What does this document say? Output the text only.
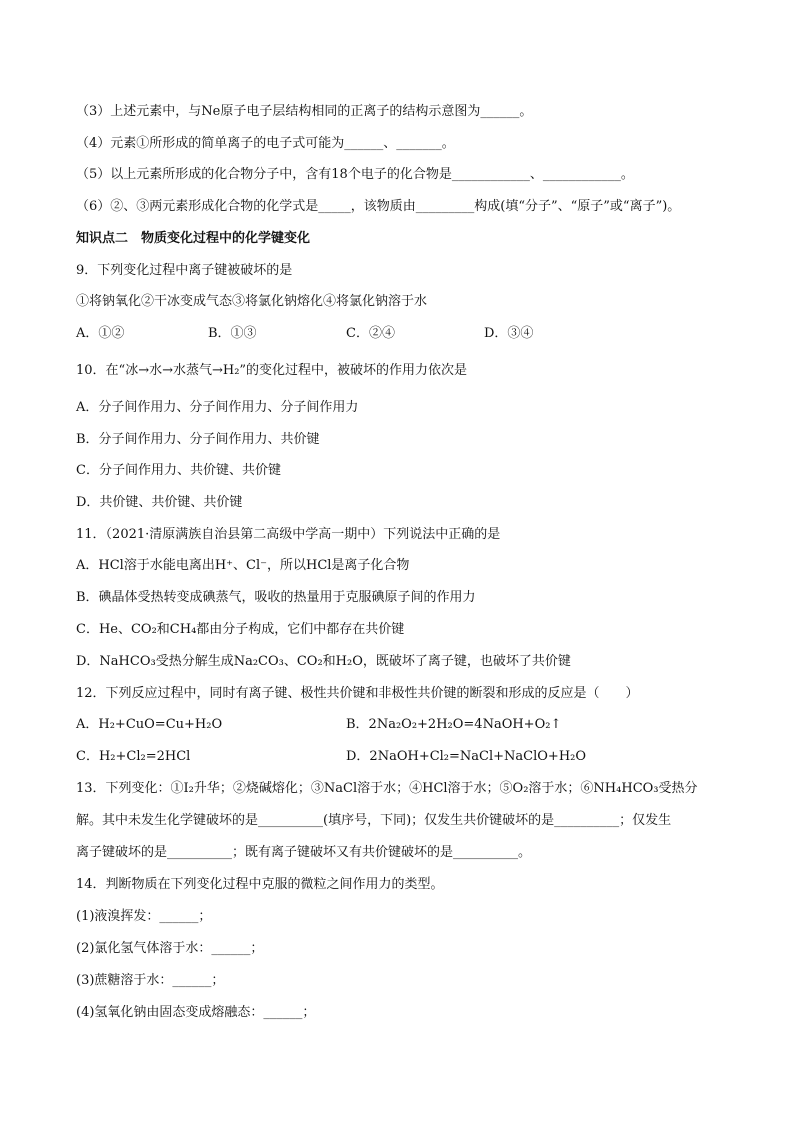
（3）上述元素中，与Ne原子电子层结构相同的正离子的结构示意图为______。
（4）元素①所形成的简单离子的电子式可能为______、_______。
（5）以上元素所形成的化合物分子中，含有18个电子的化合物是____________、____________。
（6）②、③两元素形成化合物的化学式是_____，该物质由_________构成(填“分子”、“原子”或“离子”)。
知识点二　物质变化过程中的化学键变化
9．下列变化过程中离子键被破坏的是
①将钠氧化②干冰变成气态③将氯化钠熔化④将氯化钠溶于水
A．①②	B．①③	C．②④	D．③④
10．在“冰→水→水蒸气→H₂”的变化过程中，被破坏的作用力依次是
A．分子间作用力、分子间作用力、分子间作用力
B．分子间作用力、分子间作用力、共价键
C．分子间作用力、共价键、共价键
D．共价键、共价键、共价键
11．（2021·清原满族自治县第二高级中学高一期中）下列说法中正确的是
A．HCl溶于水能电离出H⁺、Cl⁻，所以HCl是离子化合物
B．碘晶体受热转变成碘蒸气，吸收的热量用于克服碘原子间的作用力
C．He、CO₂和CH₄都由分子构成，它们中都存在共价键
D．NaHCO₃受热分解生成Na₂CO₃、CO₂和H₂O，既破坏了离子键，也破坏了共价键
12．下列反应过程中，同时有离子键、极性共价键和非极性共价键的断裂和形成的反应是（　　）
A．H₂+CuO=Cu+H₂O	B．2Na₂O₂+2H₂O=4NaOH+O₂↑
C．H₂+Cl₂=2HCl	D．2NaOH+Cl₂=NaCl+NaClO+H₂O
13．下列变化：①I₂升华；②烧碱熔化；③NaCl溶于水；④HCl溶于水；⑤O₂溶于水；⑥NH₄HCO₃受热分
解。其中未发生化学键破坏的是__________(填序号，下同)；仅发生共价键破坏的是__________；仅发生
离子键破坏的是__________；既有离子键破坏又有共价键破坏的是__________。
14．判断物质在下列变化过程中克服的微粒之间作用力的类型。
(1)液溴挥发：______；
(2)氯化氢气体溶于水：______；
(3)蔗糖溶于水：______；
(4)氢氧化钠由固态变成熔融态：______；
